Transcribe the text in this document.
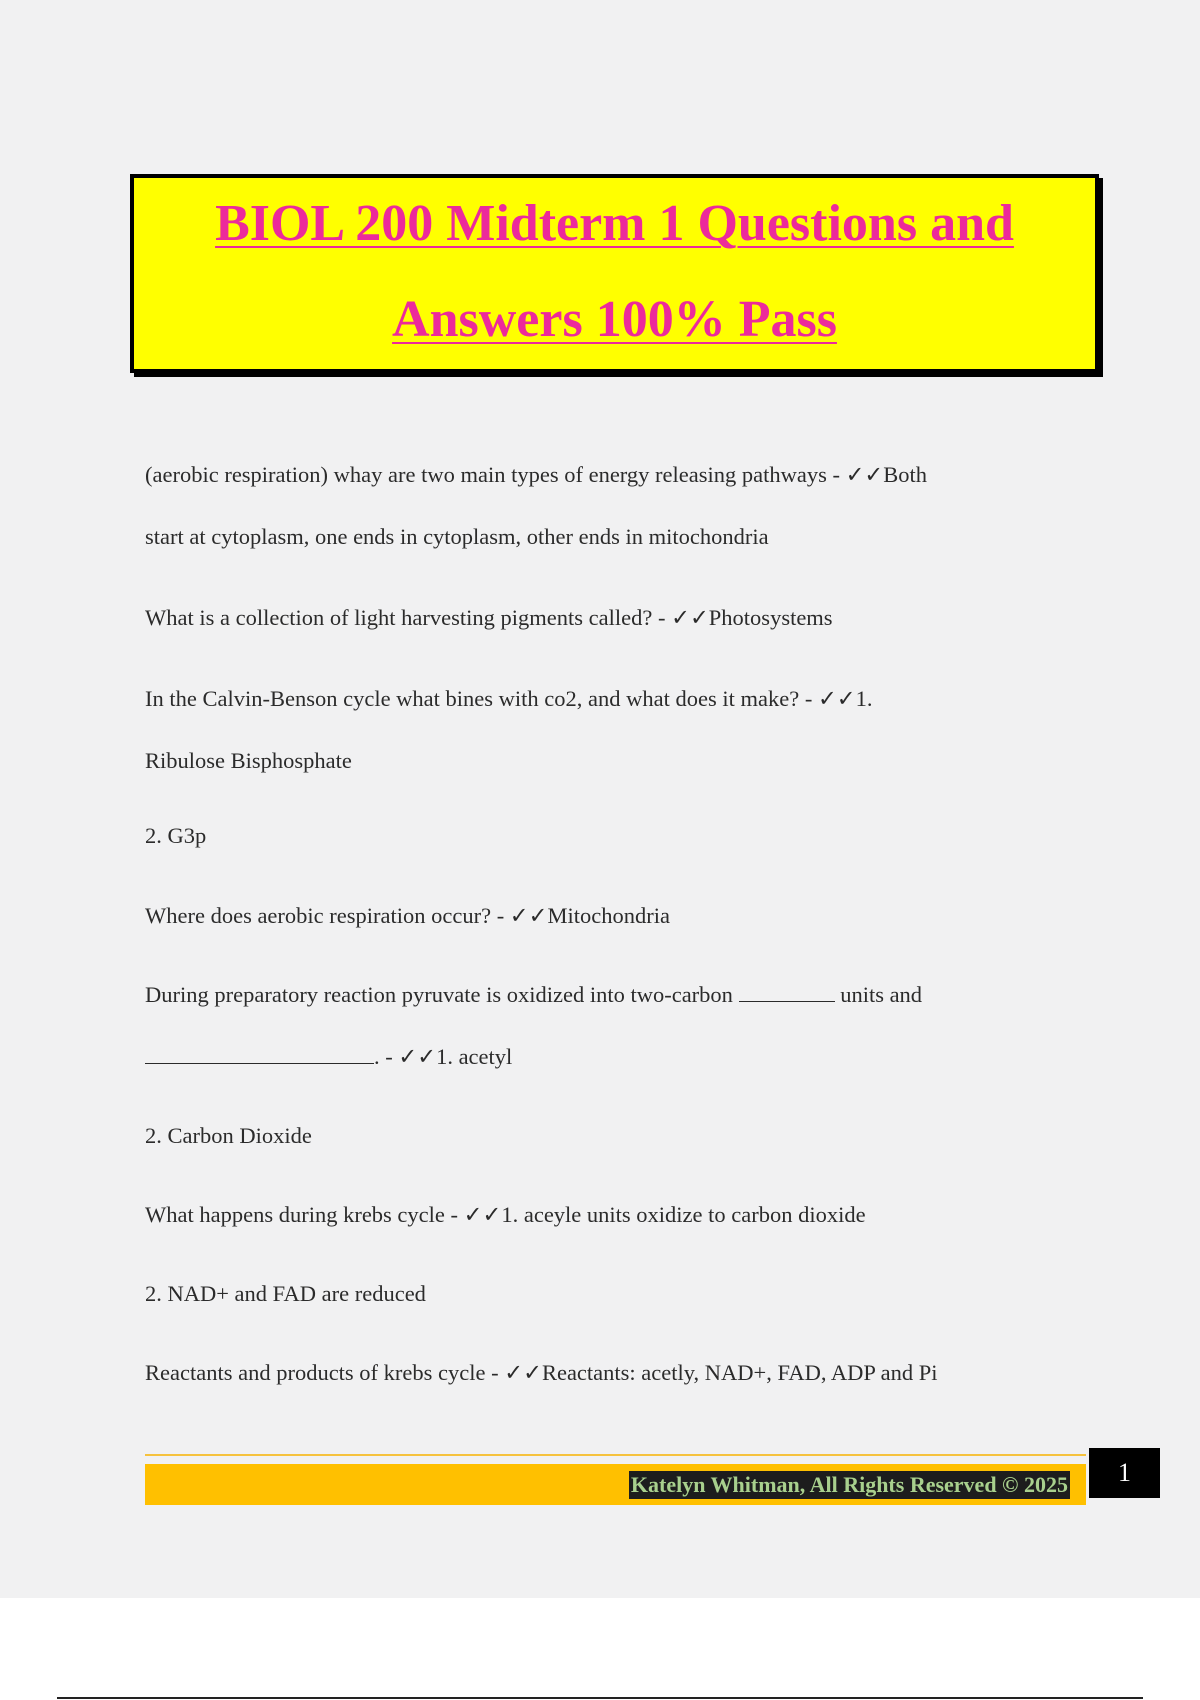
BIOL 200 Midterm 1 Questions and
Answers 100% Pass
(aerobic respiration) whay are two main types of energy releasing pathways - ✓✓Both
start at cytoplasm, one ends in cytoplasm, other ends in mitochondria
What is a collection of light harvesting pigments called? - ✓✓Photosystems
In the Calvin-Benson cycle what bines with co2, and what does it make? - ✓✓1.
Ribulose Bisphosphate
2. G3p
Where does aerobic respiration occur? - ✓✓Mitochondria
During preparatory reaction pyruvate is oxidized into two-carbon	units and
. - ✓✓1. acetyl
2. Carbon Dioxide
What happens during krebs cycle - ✓✓1. aceyle units oxidize to carbon dioxide
2. NAD+ and FAD are reduced
Reactants and products of krebs cycle - ✓✓Reactants: acetly, NAD+, FAD, ADP and Pi
Katelyn Whitman, All Rights Reserved © 2025	1
